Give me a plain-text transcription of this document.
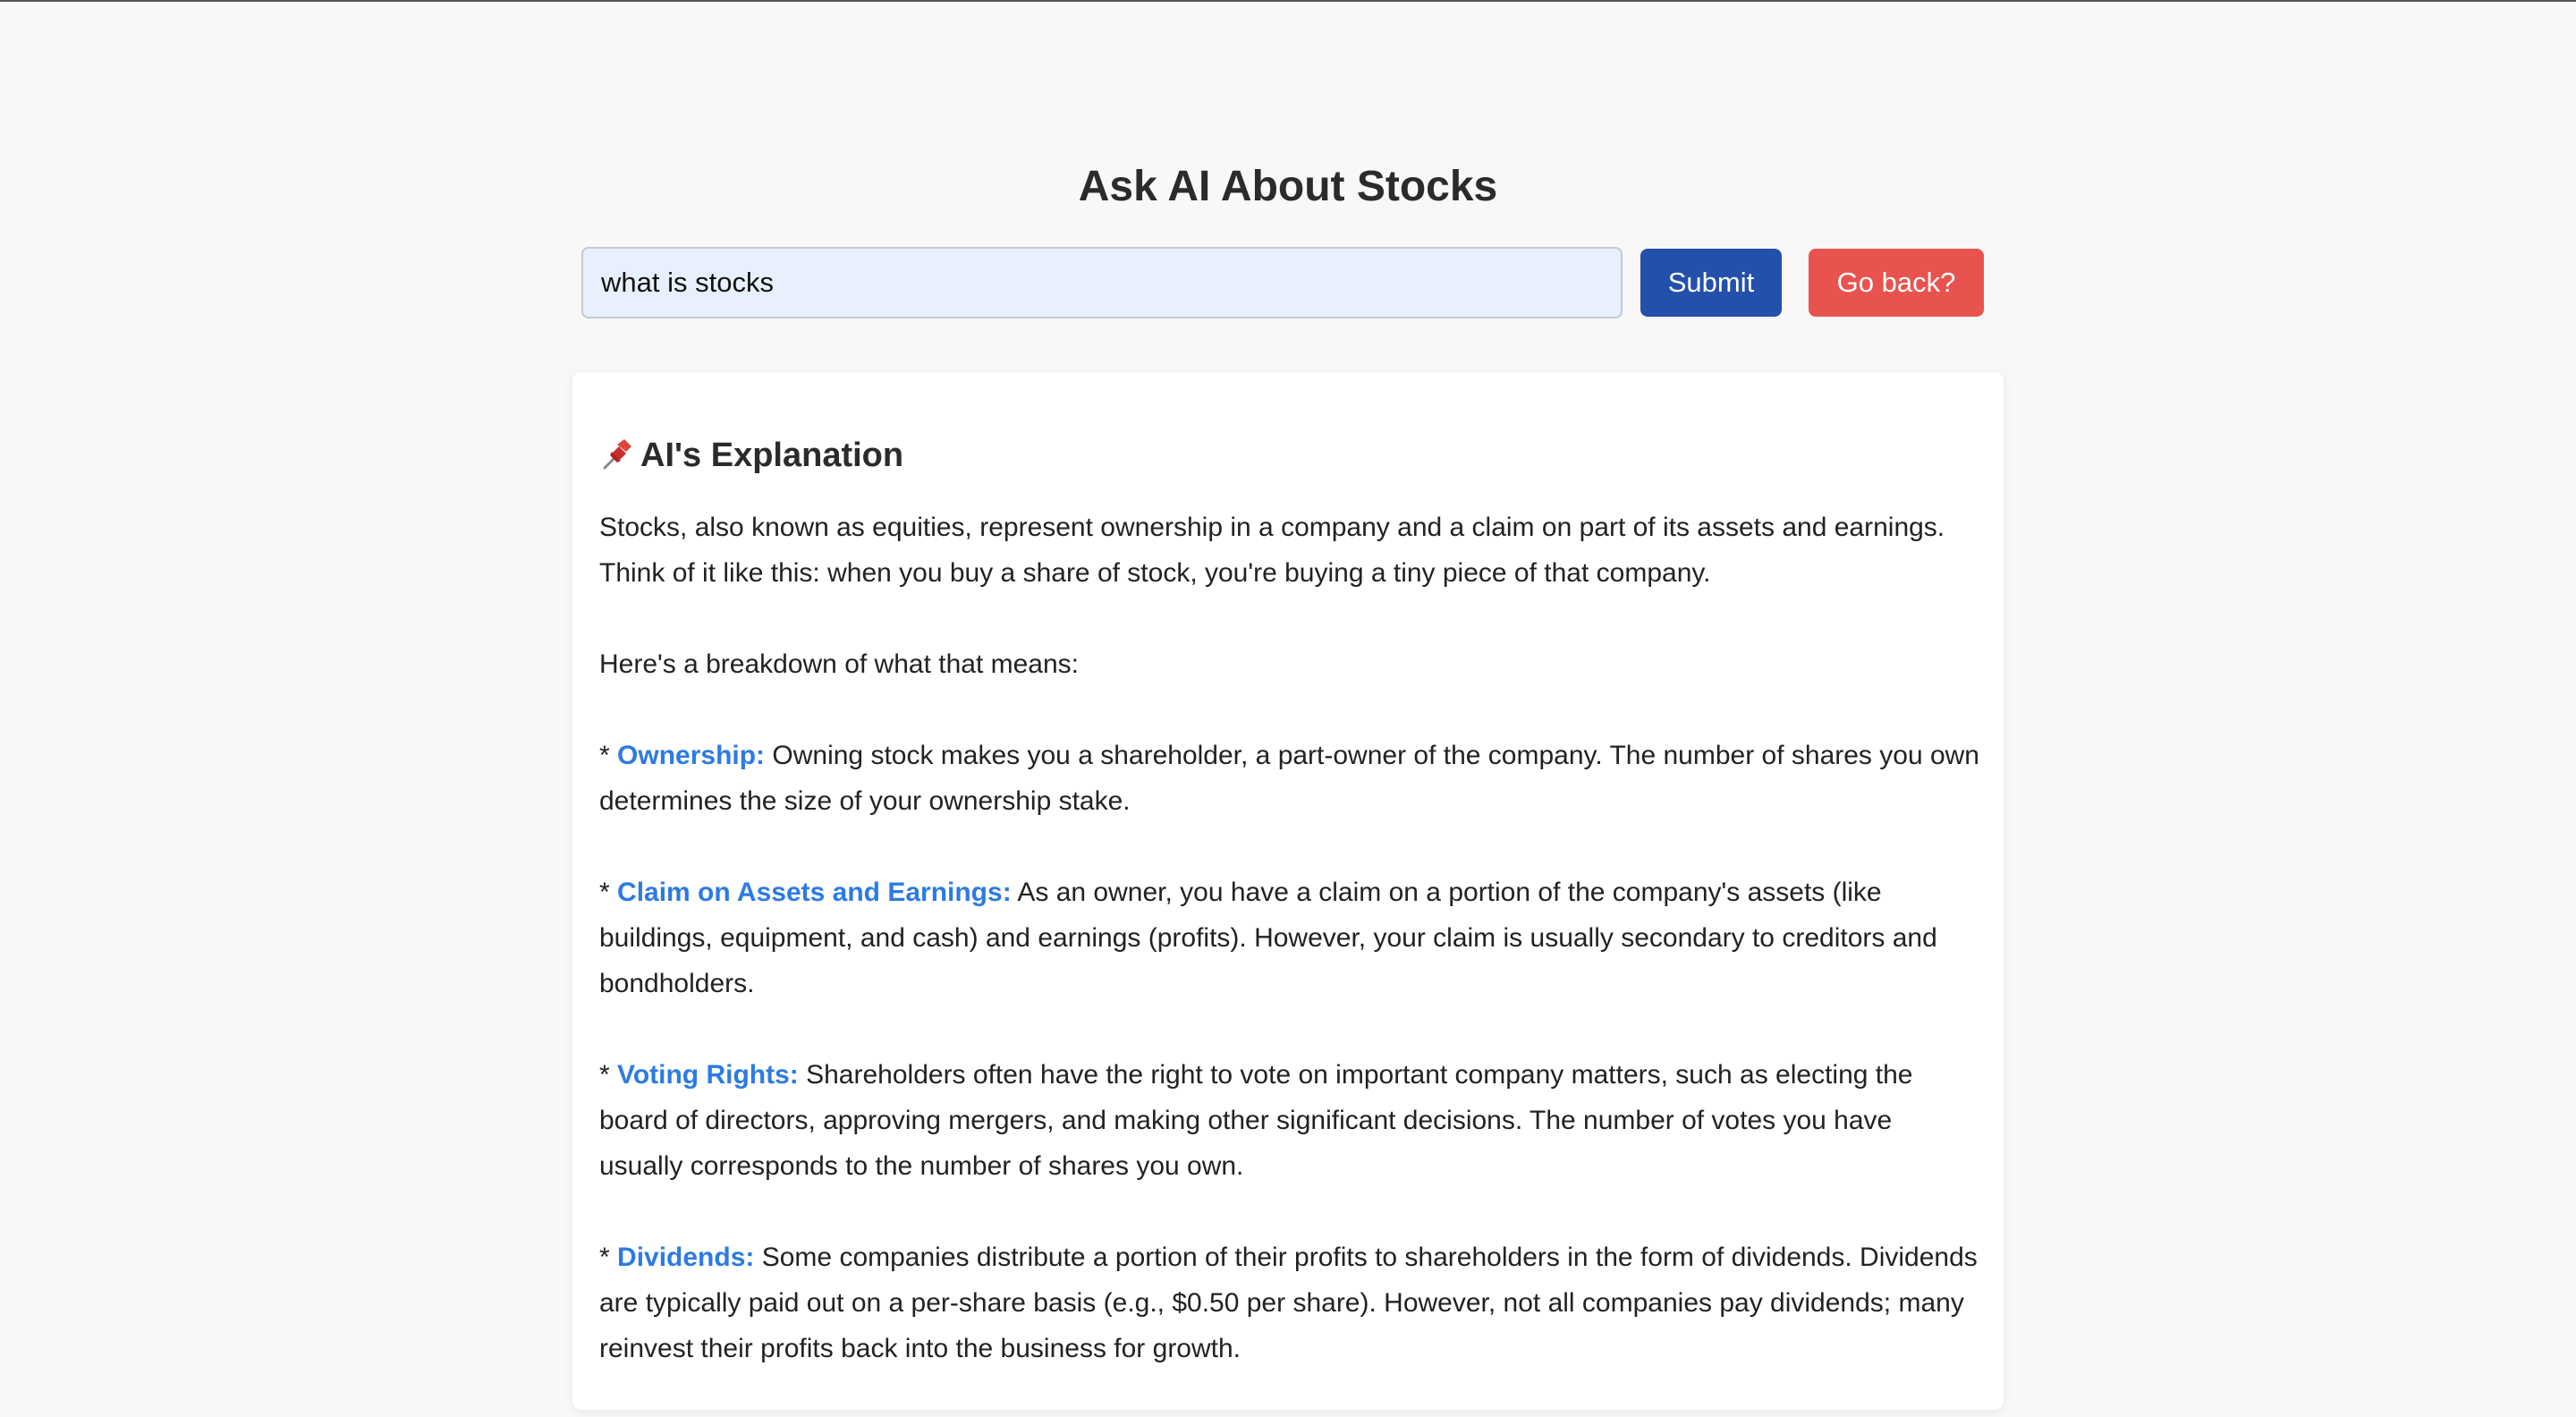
Ask AI About Stocks
what is stocks
Submit	Go back?
AI's Explanation

Stocks, also known as equities, represent ownership in a company and a claim on part of its assets and earnings. Think of it like this: when you buy a share of stock, you're buying a tiny piece of that company.

Here's a breakdown of what that means:

* Ownership: Owning stock makes you a shareholder, a part-owner of the company. The number of shares you own determines the size of your ownership stake.

* Claim on Assets and Earnings: As an owner, you have a claim on a portion of the company's assets (like buildings, equipment, and cash) and earnings (profits). However, your claim is usually secondary to creditors and bondholders.

* Voting Rights: Shareholders often have the right to vote on important company matters, such as electing the board of directors, approving mergers, and making other significant decisions. The number of votes you have usually corresponds to the number of shares you own.

* Dividends: Some companies distribute a portion of their profits to shareholders in the form of dividends. Dividends are typically paid out on a per-share basis (e.g., $0.50 per share). However, not all companies pay dividends; many reinvest their profits back into the business for growth.
